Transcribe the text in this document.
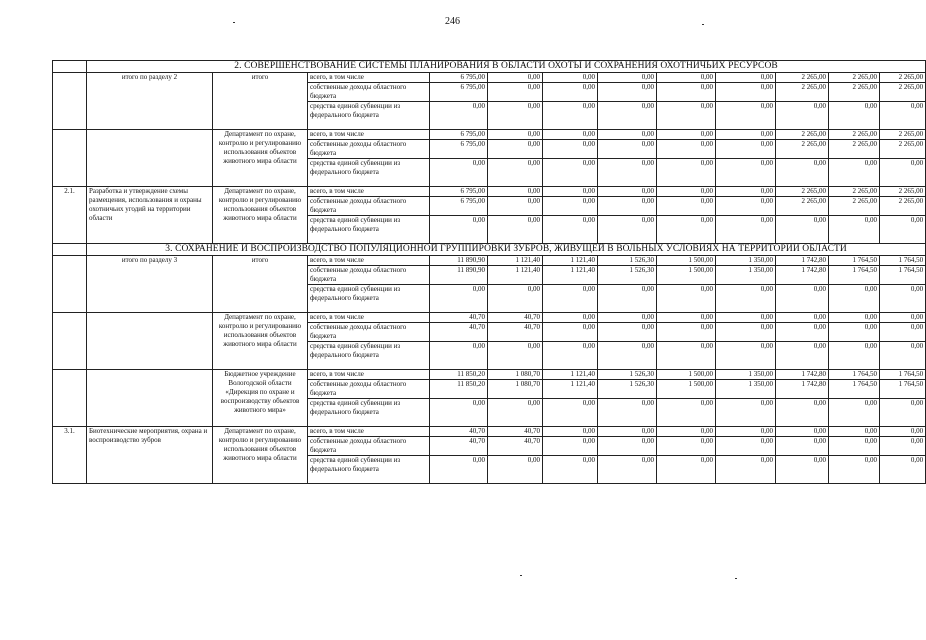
246
	2. СОВЕРШЕНСТВОВАНИЕ СИСТЕМЫ ПЛАНИРОВАНИЯ В ОБЛАСТИ ОХОТЫ И СОХРАНЕНИЯ ОХОТНИЧЬИХ РЕСУРСОВ											
	итого по разделу 2	итого	всего, в том числе	6 795,00	0,00	0,00	0,00	0,00	0,00	2 265,00	2 265,00	2 265,00
			собственные доходы областного бюджета	6 795,00	0,00	0,00	0,00	0,00	0,00	2 265,00	2 265,00	2 265,00
			средства единой субвенции из федерального бюджета	0,00	0,00	0,00	0,00	0,00	0,00	0,00	0,00	0,00
		Департамент по охране, контролю и регулированию использования объектов животного мира области	всего, в том числе	6 795,00	0,00	0,00	0,00	0,00	0,00	2 265,00	2 265,00	2 265,00
			собственные доходы областного бюджета	6 795,00	0,00	0,00	0,00	0,00	0,00	2 265,00	2 265,00	2 265,00
			средства единой субвенции из федерального бюджета	0,00	0,00	0,00	0,00	0,00	0,00	0,00	0,00	0,00
2.1.	Разработка и утверждение схемы размещения, использования и охраны охотничьих угодий на территории области	Департамент по охране, контролю и регулированию использования объектов животного мира области	всего, в том числе	6 795,00	0,00	0,00	0,00	0,00	0,00	2 265,00	2 265,00	2 265,00
			собственные доходы областного бюджета	6 795,00	0,00	0,00	0,00	0,00	0,00	2 265,00	2 265,00	2 265,00
			средства единой субвенции из федерального бюджета	0,00	0,00	0,00	0,00	0,00	0,00	0,00	0,00	0,00
	3. СОХРАНЕНИЕ И ВОСПРОИЗВОДСТВО ПОПУЛЯЦИОННОЙ ГРУППИРОВКИ ЗУБРОВ, ЖИВУЩЕЙ В ВОЛЬНЫХ УСЛОВИЯХ НА ТЕРРИТОРИИ ОБЛАСТИ											
	итого по разделу 3	итого	всего, в том числе	11 890,90	1 121,40	1 121,40	1 526,30	1 500,00	1 350,00	1 742,80	1 764,50	1 764,50
			собственные доходы областного бюджета	11 890,90	1 121,40	1 121,40	1 526,30	1 500,00	1 350,00	1 742,80	1 764,50	1 764,50
			средства единой субвенции из федерального бюджета	0,00	0,00	0,00	0,00	0,00	0,00	0,00	0,00	0,00
		Департамент по охране, контролю и регулированию использования объектов животного мира области	всего, в том числе	40,70	40,70	0,00	0,00	0,00	0,00	0,00	0,00	0,00
			собственные доходы областного бюджета	40,70	40,70	0,00	0,00	0,00	0,00	0,00	0,00	0,00
			средства единой субвенции из федерального бюджета	0,00	0,00	0,00	0,00	0,00	0,00	0,00	0,00	0,00
		Бюджетное учреждение Вологодской области «Дирекция по охране и воспроизводству объектов животного мира»	всего, в том числе	11 850,20	1 080,70	1 121,40	1 526,30	1 500,00	1 350,00	1 742,80	1 764,50	1 764,50
			собственные доходы областного бюджета	11 850,20	1 080,70	1 121,40	1 526,30	1 500,00	1 350,00	1 742,80	1 764,50	1 764,50
			средства единой субвенции из федерального бюджета	0,00	0,00	0,00	0,00	0,00	0,00	0,00	0,00	0,00
3.1.	Биотехнические мероприятия, охрана и воспроизводство зубров	Департамент по охране, контролю и регулированию использования объектов животного мира области	всего, в том числе	40,70	40,70	0,00	0,00	0,00	0,00	0,00	0,00	0,00
			собственные доходы областного бюджета	40,70	40,70	0,00	0,00	0,00	0,00	0,00	0,00	0,00
			средства единой субвенции из федерального бюджета	0,00	0,00	0,00	0,00	0,00	0,00	0,00	0,00	0,00
